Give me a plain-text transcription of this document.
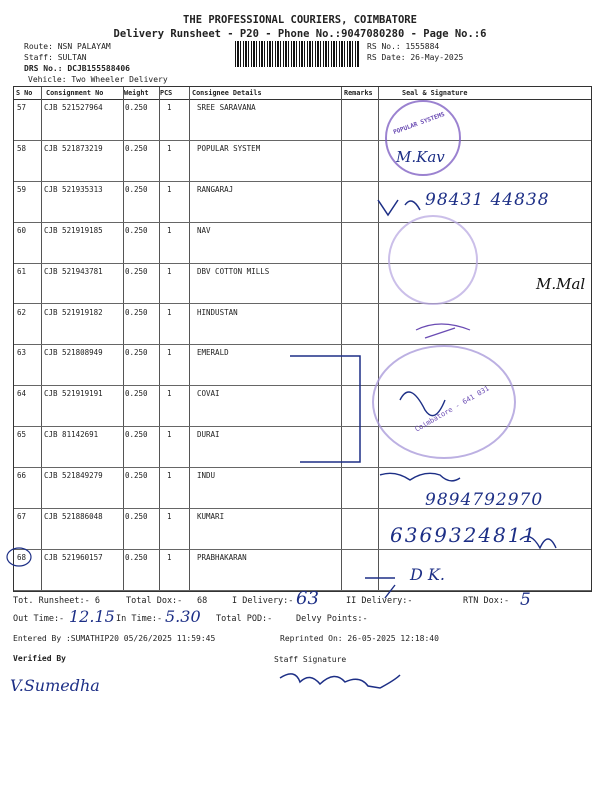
THE PROFESSIONAL COURIERS, COIMBATORE
Delivery Runsheet - P20 - Phone No.:9047080280 - Page No.:6
Route: NSN PALAYAM
Staff: SULTAN
DRS No.: DCJB155588406
Vehicle: Two Wheeler Delivery
RS No.: 1555884
RS Date: 26-May-2025
S No Consignment No	Weight PCS	Consignee Details	Remarks	Seal & Signature
57 CJB 521527964	0.250	1	SREE SARAVANA
58 CJB 521873219	0.250	1	POPULAR SYSTEM
59 CJB 521935313	0.250	1	RANGARAJ
60 CJB 521919185	0.250	1	NAV
61 CJB 521943781	0.250	1	DBV COTTON MILLS
62 CJB 521919182	0.250	1	HINDUSTAN
63 CJB 521808949	0.250	1	EMERALD
64 CJB 521919191	0.250	1	COVAI
65 CJB 81142691	0.250	1	DURAI
66 CJB 521849279	0.250	1	INDU
67 CJB 521886048	0.250	1	KUMARI
68 CJB 521960157	0.250	1	PRABHAKARAN
POPULAR SYSTEMS
Coimbatore - 641 031
M.Kav
98431 44838
M.Mal
9894792970
6369324811
D K.
Tot. Runsheet:- 6	Total Dox:- 68	I Delivery:- 63	II Delivery:-	RTN Dox:- 5
Out Time:- 12.15 In Time:- 5.30 Total POD:-	Delvy Points:-
Entered By :SUMATHIP20 05/26/2025 11:59:45	Reprinted On: 26-05-2025 12:18:40
Verified By	Staff Signature
V.Sumedha
